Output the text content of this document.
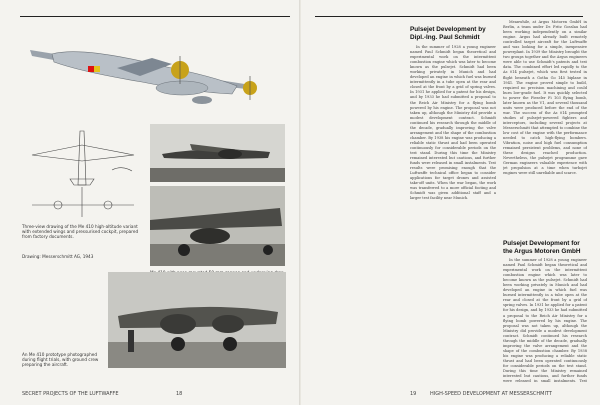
Three-view drawing of the Me 410 high-altitude variant with extended wings and pressurised cockpit, prepared from factory documents.
Drawing: Messerschmitt AG, 1943
An Me 410 prototype photographed during flight trials, with ground crew preparing the aircraft.
SECRET PROJECTS OF THE LUFTWAFFE	18
Pulsejet Development by Dipl.-Ing. Paul Schmidt

In the summer of 1928 a young engineer named Paul Schmidt began theoretical and experimental work on the intermittent combustion engine which was later to become known as the pulsejet. Schmidt had been working privately in Munich and had developed an engine in which fuel was burned intermittently in a tube open at the rear and closed at the front by a grid of spring valves. In 1931 he applied for a patent for his design, and by 1933 he had submitted a proposal to the Reich Air Ministry for a flying bomb powered by his engine. The proposal was not taken up, although the Ministry did provide a modest development contract. Schmidt continued his research through the middle of the decade, gradually improving the valve arrangement and the shape of the combustion chamber. By 1938 his engine was producing a reliable static thrust and had been operated continuously for considerable periods on the test stand. During this time the Ministry remained interested but cautious, and further funds were released in small instalments. Test results were promising enough that the Luftwaffe technical office began to consider applications for target drones and assisted take-off units. When the war began, the work was transferred to a more official footing and Schmidt was given additional staff and a larger test facility near Munich.

Meanwhile, at Argus Motoren GmbH in Berlin, a team under Dr. Fritz Gosslau had been working independently on a similar engine. Argus had already built remotely controlled target aircraft for the Luftwaffe and was looking for a simple, inexpensive powerplant. In 1939 the Ministry brought the two groups together and the Argus engineers were able to use Schmidt's patents and test data. The combined effort led rapidly to the As 014 pulsejet, which was first tested in flight beneath a Gotha Go 145 biplane in 1941. The engine proved simple to build, required no precision machining and could burn low-grade fuel. It was quickly selected to power the Fieseler Fi 103 flying bomb, later known as the V1, and several thousand units were produced before the end of the war. The success of the As 014 prompted studies of pulsejet-powered fighters and interceptors, including several projects at Messerschmitt that attempted to combine the low cost of the engine with the performance needed to catch high-flying bombers. Vibration, noise and high fuel consumption remained persistent problems, and none of these designs reached production. Nevertheless, the pulsejet programme gave German engineers valuable experience with jet propulsion at a time when turbojet engines were still unreliable and scarce.

Pulsejet Development for the Argus Motoren GmbH

In the summer of 1928 a young engineer named Paul Schmidt began theoretical and experimental work on the intermittent combustion engine which was later to become known as the pulsejet. Schmidt had been working privately in Munich and had developed an engine in which fuel was burned intermittently in a tube open at the rear and closed at the front by a grid of spring valves. In 1931 he applied for a patent for his design, and by 1933 he had submitted a proposal to the Reich Air Ministry for a flying bomb powered by his engine. The proposal was not taken up, although the Ministry did provide a modest development contract. Schmidt continued his research through the middle of the decade, gradually improving the valve arrangement and the shape of the combustion chamber. By 1938 his engine was producing a reliable static thrust and had been operated continuously for considerable periods on the test stand. During this time the Ministry remained interested but cautious, and further funds were released in small instalments. Test

19	HIGH-SPEED DEVELOPMENT AT MESSERSCHMITT
